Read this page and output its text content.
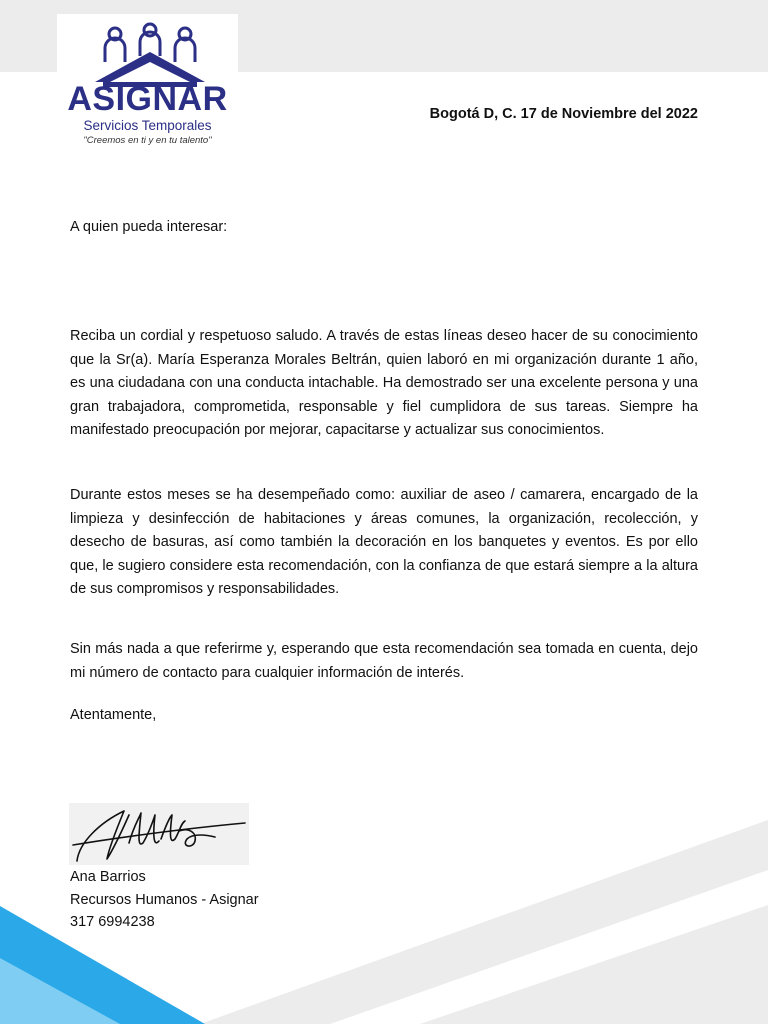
ASIGNAR
Servicios Temporales
"Creemos en ti y en tu talento"
Bogotá D, C. 17 de Noviembre del 2022
A quien pueda interesar:

Reciba un cordial y respetuoso saludo. A través de estas líneas deseo hacer de su conocimiento que la Sr(a). María Esperanza Morales Beltrán, quien laboró en mi organización durante 1 año, es una ciudadana con una conducta intachable. Ha demostrado ser una excelente persona y una gran trabajadora, comprometida, responsable y fiel cumplidora de sus tareas. Siempre ha manifestado preocupación por mejorar, capacitarse y actualizar sus conocimientos.

Durante estos meses se ha desempeñado como: auxiliar de aseo / camarera, encargado de la limpieza y desinfección de habitaciones y áreas comunes, la organización, recolección, y desecho de basuras, así como también la decoración en los banquetes y eventos. Es por ello que, le sugiero considere esta recomendación, con la confianza de que estará siempre a la altura de sus compromisos y responsabilidades.

Sin más nada a que referirme y, esperando que esta recomendación sea tomada en cuenta, dejo mi número de contacto para cualquier información de interés.

Atentamente,
Ana Barrios
Recursos Humanos - Asignar
317 6994238
